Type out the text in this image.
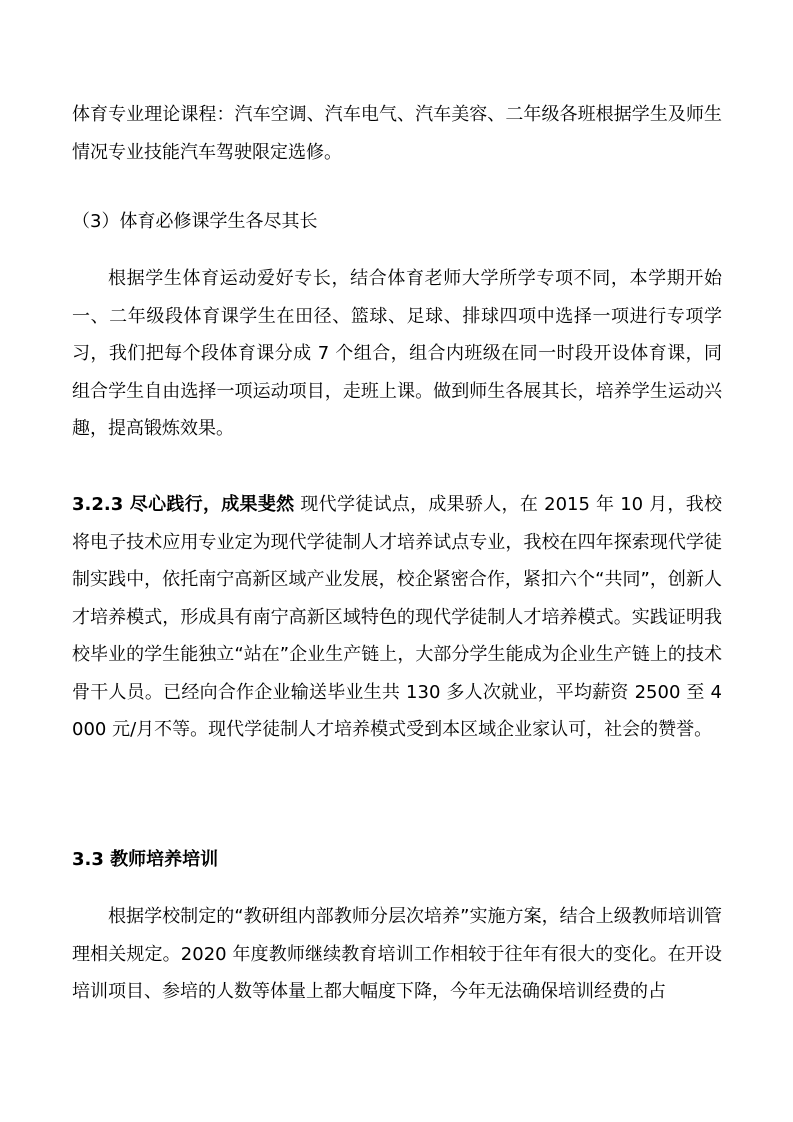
体育专业理论课程：汽车空调、汽车电气、汽车美容、二年级各班根据学生及师生情况专业技能汽车驾驶限定选修。

（3）体育必修课学生各尽其长

根据学生体育运动爱好专长，结合体育老师大学所学专项不同，本学期开始一、二年级段体育课学生在田径、篮球、足球、排球四项中选择一项进行专项学习，我们把每个段体育课分成 7 个组合，组合内班级在同一时段开设体育课，同组合学生自由选择一项运动项目，走班上课。做到师生各展其长，培养学生运动兴趣，提高锻炼效果。

3.2.3 尽心践行，成果斐然 现代学徒试点，成果骄人，在 2015 年 10 月，我校将电子技术应用专业定为现代学徒制人才培养试点专业，我校在四年探索现代学徒制实践中，依托南宁高新区域产业发展，校企紧密合作，紧扣六个“共同”，创新人才培养模式，形成具有南宁高新区域特色的现代学徒制人才培养模式。实践证明我校毕业的学生能独立“站在”企业生产链上，大部分学生能成为企业生产链上的技术骨干人员。已经向合作企业输送毕业生共 130 多人次就业，平均薪资 2500 至 4000 元/月不等。现代学徒制人才培养模式受到本区域企业家认可，社会的赞誉。

3.3 教师培养培训

根据学校制定的“教研组内部教师分层次培养”实施方案，结合上级教师培训管理相关规定。2020 年度教师继续教育培训工作相较于往年有很大的变化。在开设培训项目、参培的人数等体量上都大幅度下降，今年无法确保培训经费的占
